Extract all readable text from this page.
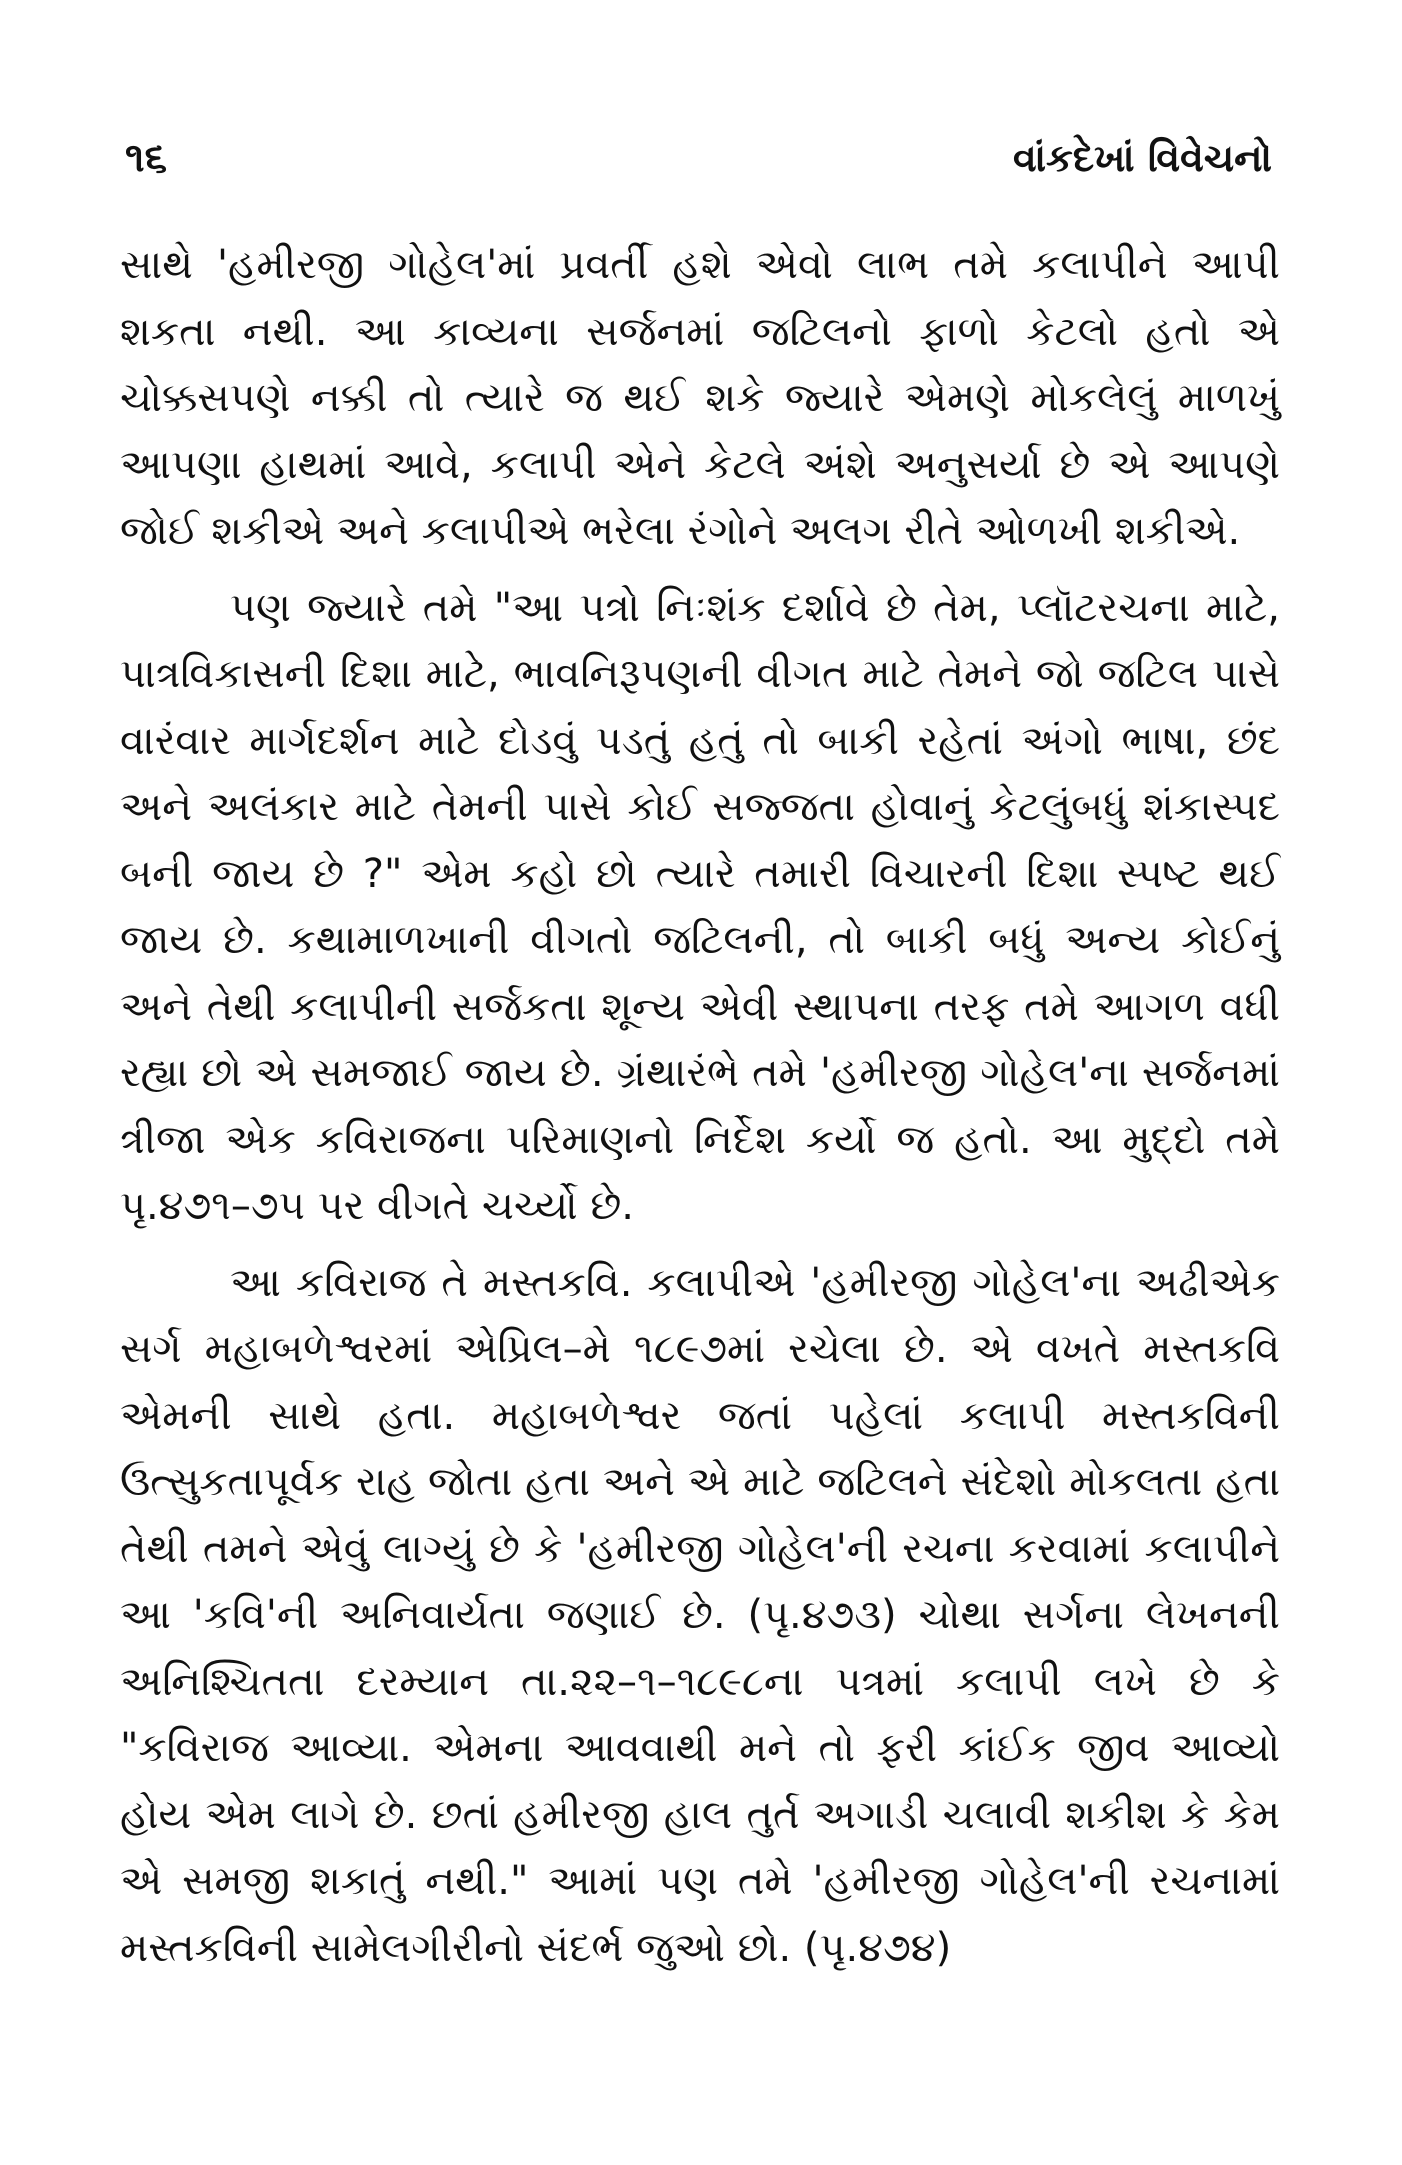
૧૬	વાંકદેખાં વિવેચનો

સાથે 'હમીરજી ગોહેલ'માં પ્રવર્તી હશે એવો લાભ તમે કલાપીને આપી શકતા નથી. આ કાવ્યના સર્જનમાં જટિલનો ફાળો કેટલો હતો એ ચોક્કસપણે નક્કી તો ત્યારે જ થઈ શકે જ્યારે એમણે મોકલેલું માળખું આપણા હાથમાં આવે, કલાપી એને કેટલે અંશે અનુસર્યા છે એ આપણે જોઈ શકીએ અને કલાપીએ ભરેલા રંગોને અલગ રીતે ઓળખી શકીએ.

પણ જ્યારે તમે "આ પત્રો નિઃશંક દર્શાવે છે તેમ, પ્લૉટરચના માટે, પાત્રવિકાસની દિશા માટે, ભાવનિરૂપણની વીગત માટે તેમને જો જટિલ પાસે વારંવાર માર્ગદર્શન માટે દોડવું પડતું હતું તો બાકી રહેતાં અંગો ભાષા, છંદ અને અલંકાર માટે તેમની પાસે કોઈ સજ્જતા હોવાનું કેટલુંબધું શંકાસ્પદ બની જાય છે ?" એમ કહો છો ત્યારે તમારી વિચારની દિશા સ્પષ્ટ થઈ જાય છે. કથામાળખાની વીગતો જટિલની, તો બાકી બધું અન્ય કોઈનું અને તેથી કલાપીની સર્જકતા શૂન્ય એવી સ્થાપના તરફ તમે આગળ વધી રહ્યા છો એ સમજાઈ જાય છે. ગ્રંથારંભે તમે 'હમીરજી ગોહેલ'ના સર્જનમાં ત્રીજા એક કવિરાજના પરિમાણનો નિર્દેશ કર્યો જ હતો. આ મુદ્દો તમે પૃ.૪૭૧–૭૫ પર વીગતે ચર્ચ્યો છે.

આ કવિરાજ તે મસ્તકવિ. કલાપીએ 'હમીરજી ગોહેલ'ના અઢીએક સર્ગ મહાબળેશ્વરમાં એપ્રિલ–મે ૧૮૯૭માં રચેલા છે. એ વખતે મસ્તકવિ એમની સાથે હતા. મહાબળેશ્વર જતાં પહેલાં કલાપી મસ્તકવિની ઉત્સુકતાપૂર્વક રાહ જોતા હતા અને એ માટે જટિલને સંદેશો મોકલતા હતા તેથી તમને એવું લાગ્યું છે કે 'હમીરજી ગોહેલ'ની રચના કરવામાં કલાપીને આ 'કવિ'ની અનિવાર્યતા જણાઈ છે. (પૃ.૪૭૩) ચોથા સર્ગના લેખનની અનિશ્ચિતતા દરમ્યાન તા.૨૨–૧–૧૮૯૮ના પત્રમાં કલાપી લખે છે કે "કવિરાજ આવ્યા. એમના આવવાથી મને તો ફરી કાંઈક જીવ આવ્યો હોય એમ લાગે છે. છતાં હમીરજી હાલ તુર્ત અગાડી ચલાવી શકીશ કે કેમ એ સમજી શકાતું નથી." આમાં પણ તમે 'હમીરજી ગોહેલ'ની રચનામાં મસ્તકવિની સામેલગીરીનો સંદર્ભ જુઓ છો. (પૃ.૪૭૪)
